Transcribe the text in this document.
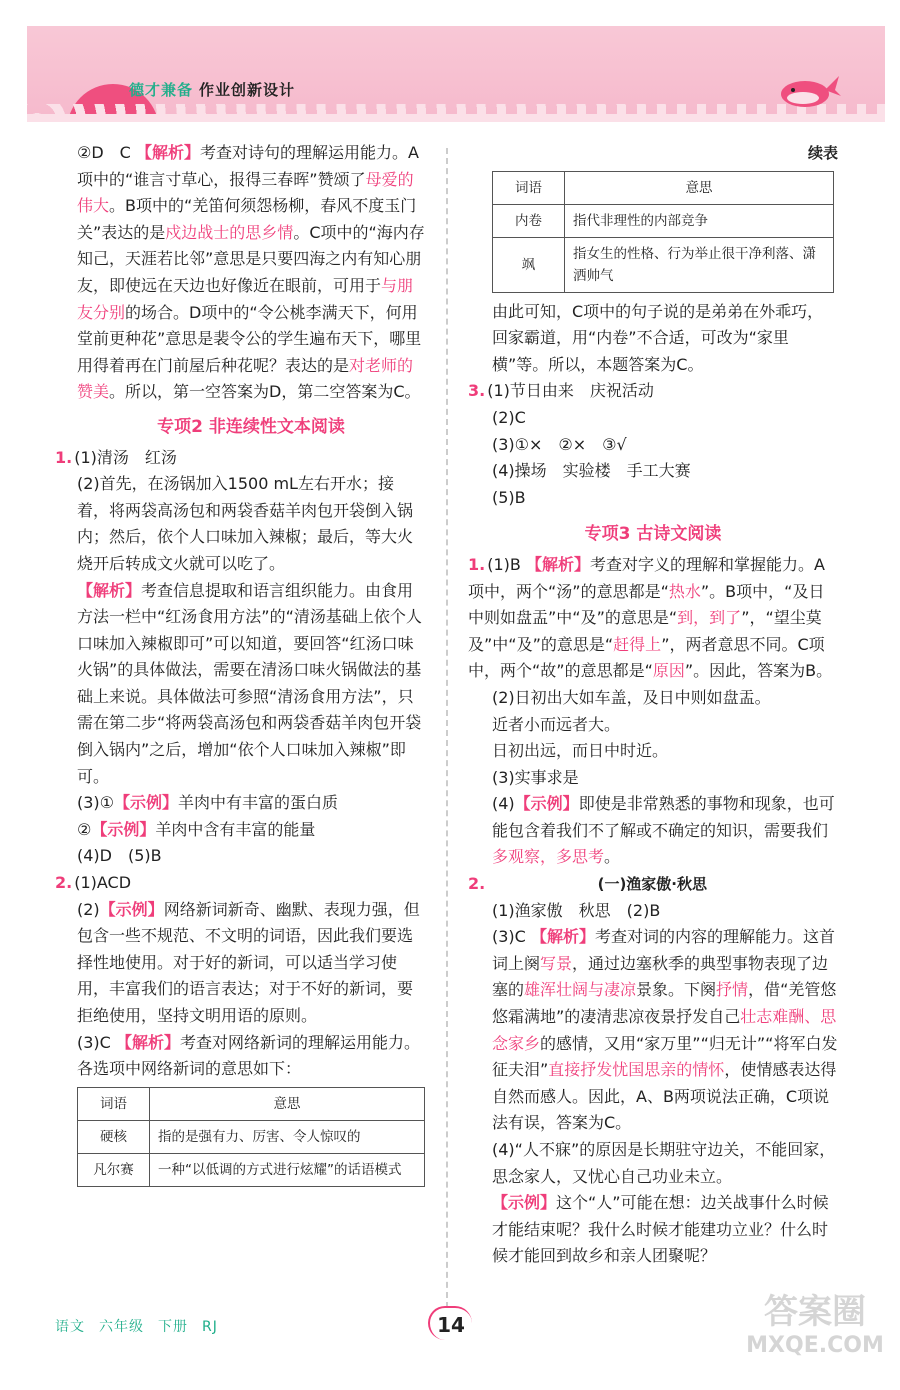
德才兼备 作业创新设计
②D　C 【解析】考查对诗句的理解运用能力。A项中的“谁言寸草心，报得三春晖”赞颂了母爱的伟大。B项中的“羌笛何须怨杨柳，春风不度玉门关”表达的是戍边战士的思乡情。C项中的“海内存知己，天涯若比邻”意思是只要四海之内有知心朋友，即使远在天边也好像近在眼前，可用于与朋友分别的场合。D项中的“令公桃李满天下，何用堂前更种花”意思是裴令公的学生遍布天下，哪里用得着再在门前屋后种花呢？表达的是对老师的赞美。所以，第一空答案为D，第二空答案为C。
专项2 非连续性文本阅读
1. (1)清汤　红汤
(2)首先，在汤锅加入1500 mL左右开水；接着，将两袋高汤包和两袋香菇羊肉包开袋倒入锅内；然后，依个人口味加入辣椒；最后，等大火烧开后转成文火就可以吃了。
【解析】考查信息提取和语言组织能力。由食用方法一栏中“红汤食用方法”的“清汤基础上依个人口味加入辣椒即可”可以知道，要回答“红汤口味火锅”的具体做法，需要在清汤口味火锅做法的基础上来说。具体做法可参照“清汤食用方法”，只需在第二步“将两袋高汤包和两袋香菇羊肉包开袋倒入锅内”之后，增加“依个人口味加入辣椒”即可。
(3)①【示例】羊肉中有丰富的蛋白质
②【示例】羊肉中含有丰富的能量
(4)D　(5)B
2. (1)ACD
(2)【示例】网络新词新奇、幽默、表现力强，但包含一些不规范、不文明的词语，因此我们要选择性地使用。对于好的新词，可以适当学习使用，丰富我们的语言表达；对于不好的新词，要拒绝使用，坚持文明用语的原则。
(3)C 【解析】考查对网络新词的理解运用能力。各选项中网络新词的意思如下：
词语	意思
硬核	指的是强有力、厉害、令人惊叹的
凡尔赛	一种“以低调的方式进行炫耀”的话语模式
续表
词语	意思
内卷	指代非理性的内部竞争
飒	指女生的性格、行为举止很干净利落、潇洒帅气
由此可知，C项中的句子说的是弟弟在外乖巧，回家霸道，用“内卷”不合适，可改为“家里横”等。所以，本题答案为C。
3. (1)节日由来　庆祝活动
(2)C
(3)①×　②×　③√
(4)操场　实验楼　手工大赛
(5)B
专项3 古诗文阅读
1. (1)B 【解析】考查对字义的理解和掌握能力。A项中，两个“汤”的意思都是“热水”。B项中，“及日中则如盘盂”中“及”的意思是“到，到了”，“望尘莫及”中“及”的意思是“赶得上”，两者意思不同。C项中，两个“故”的意思都是“原因”。因此，答案为B。
(2)日初出大如车盖，及日中则如盘盂。
近者小而远者大。
日初出远，而日中时近。
(3)实事求是
(4)【示例】即使是非常熟悉的事物和现象，也可能包含着我们不了解或不确定的知识，需要我们多观察，多思考。
2.	(一)渔家傲·秋思
(1)渔家傲　秋思　(2)B
(3)C 【解析】考查对词的内容的理解能力。这首词上阕写景，通过边塞秋季的典型事物表现了边塞的雄浑壮阔与凄凉景象。下阕抒情，借“羌管悠悠霜满地”的凄清悲凉夜景抒发自己壮志难酬、思念家乡的感情，又用“家万里”“归无计”“将军白发征夫泪”直接抒发忧国思亲的情怀，使情感表达得自然而感人。因此，A、B两项说法正确，C项说法有误，答案为C。
(4)“人不寐”的原因是长期驻守边关，不能回家，思念家人，又忧心自己功业未立。
【示例】这个“人”可能在想：边关战事什么时候才能结束呢？我什么时候才能建功立业？什么时候才能回到故乡和亲人团聚呢？
语文 六年级 下册 RJ	14	答案圈
MXQE.COM
